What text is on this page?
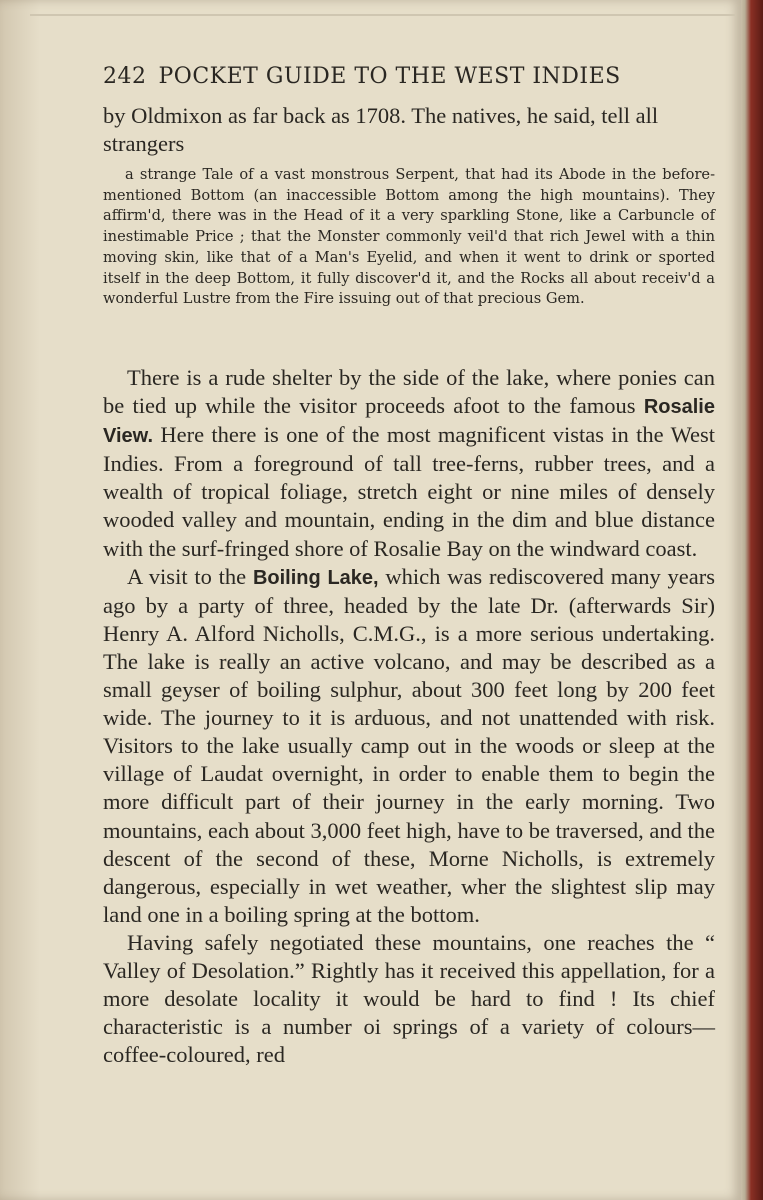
242 POCKET GUIDE TO THE WEST INDIES
by Oldmixon as far back as 1708. The natives, he said, tell all strangers

a strange Tale of a vast monstrous Serpent, that had its Abode in the before-mentioned Bottom (an inaccessible Bottom among the high mountains). They affirm'd, there was in the Head of it a very sparkling Stone, like a Carbuncle of inestimable Price ; that the Monster commonly veil'd that rich Jewel with a thin moving skin, like that of a Man's Eyelid, and when it went to drink or sported itself in the deep Bottom, it fully discover'd it, and the Rocks all about receiv'd a wonderful Lustre from the Fire issuing out of that precious Gem.

There is a rude shelter by the side of the lake, where ponies can be tied up while the visitor proceeds afoot to the famous Rosalie View. Here there is one of the most magnificent vistas in the West Indies. From a foreground of tall tree-ferns, rubber trees, and a wealth of tropical foliage, stretch eight or nine miles of densely wooded valley and mountain, ending in the dim and blue distance with the surf-fringed shore of Rosalie Bay on the windward coast.

A visit to the Boiling Lake, which was rediscovered many years ago by a party of three, headed by the late Dr. (afterwards Sir) Henry A. Alford Nicholls, C.M.G., is a more serious undertaking. The lake is really an active volcano, and may be described as a small geyser of boiling sulphur, about 300 feet long by 200 feet wide. The journey to it is arduous, and not unattended with risk. Visitors to the lake usually camp out in the woods or sleep at the village of Laudat overnight, in order to enable them to begin the more difficult part of their journey in the early morning. Two mountains, each about 3,000 feet high, have to be traversed, and the descent of the second of these, Morne Nicholls, is extremely dangerous, especially in wet weather, wher the slightest slip may land one in a boiling spring at the bottom.

Having safely negotiated these mountains, one reaches the “ Valley of Desolation.” Rightly has it received this appellation, for a more desolate locality it would be hard to find ! Its chief characteristic is a number oi springs of a variety of colours—coffee-coloured, red
